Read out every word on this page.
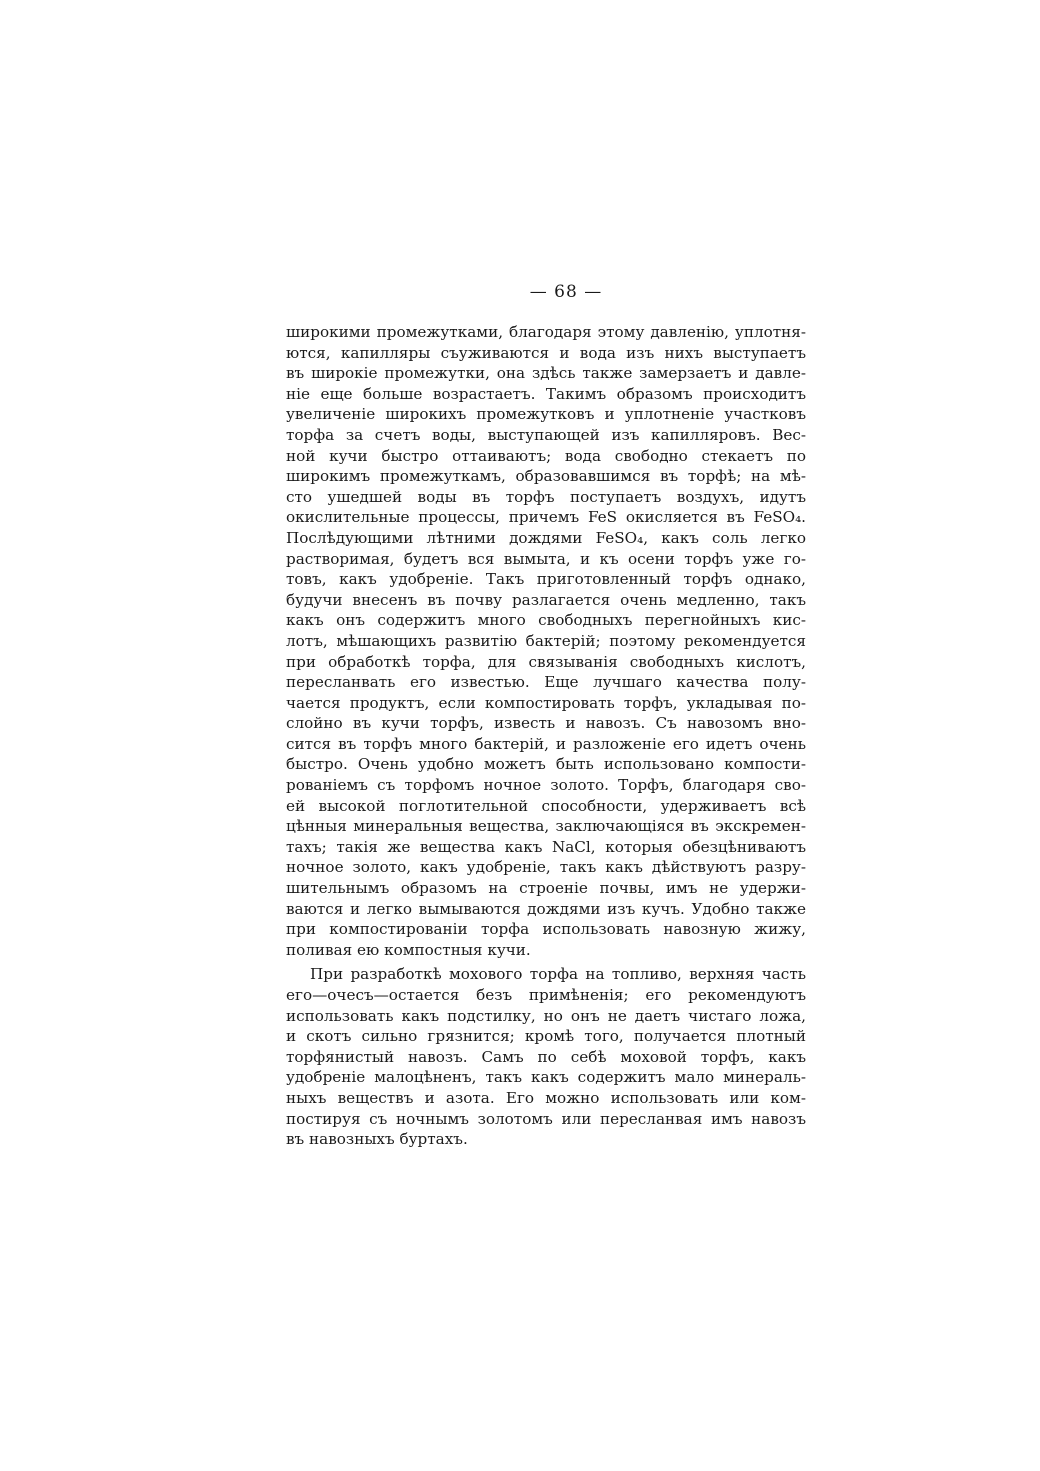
— 68 —
широкими промежутками, благодаря этому давленію, уплотня-
ются, капилляры съуживаются и вода изъ нихъ выступаетъ
въ широкіе промежутки, она здѣсь также замерзаетъ и давле-
ніе еще больше возрастаетъ. Такимъ образомъ происходитъ
увеличеніе широкихъ промежутковъ и уплотненіе участковъ
торфа за счетъ воды, выступающей изъ капилляровъ. Вес-
ной кучи быстро оттаиваютъ; вода свободно стекаетъ по
широкимъ промежуткамъ, образовавшимся въ торфѣ; на мѣ-
сто ушедшей воды въ торфъ поступаетъ воздухъ, идутъ
окислительные процессы, причемъ FeS окисляется въ FeSO₄.
Послѣдующими лѣтними дождями FeSO₄, какъ соль легко
растворимая, будетъ вся вымыта, и къ осени торфъ уже го-
товъ, какъ удобреніе. Такъ приготовленный торфъ однако,
будучи внесенъ въ почву разлагается очень медленно, такъ
какъ онъ содержитъ много свободныхъ перегнойныхъ кис-
лотъ, мѣшающихъ развитію бактерій; поэтому рекомендуется
при обработкѣ торфа, для связыванія свободныхъ кислотъ,
пересланвать его известью. Еще лучшаго качества полу-
чается продуктъ, если компостировать торфъ, укладывая по-
слойно въ кучи торфъ, известь и навозъ. Съ навозомъ вно-
сится въ торфъ много бактерій, и разложеніе его идетъ очень
быстро. Очень удобно можетъ быть использовано компости-
рованіемъ съ торфомъ ночное золото. Торфъ, благодаря сво-
ей высокой поглотительной способности, удерживаетъ всѣ
цѣнныя минеральныя вещества, заключающіяся въ экскремен-
тахъ; такія же вещества какъ NaCl, которыя обезцѣниваютъ
ночное золото, какъ удобреніе, такъ какъ дѣйствуютъ разру-
шительнымъ образомъ на строеніе почвы, имъ не удержи-
ваются и легко вымываются дождями изъ кучъ. Удобно также
при компостированіи торфа использовать навозную жижу,
поливая ею компостныя кучи.
При разработкѣ мохового торфа на топливо, верхняя часть
его—очесъ—остается безъ примѣненія; его рекомендуютъ
использовать какъ подстилку, но онъ не даетъ чистаго ложа,
и скотъ сильно грязнится; кромѣ того, получается плотный
торфянистый навозъ. Самъ по себѣ моховой торфъ, какъ
удобреніе малоцѣненъ, такъ какъ содержитъ мало минераль-
ныхъ веществъ и азота. Его можно использовать или ком-
постируя съ ночнымъ золотомъ или пересланвая имъ навозъ
въ навозныхъ буртахъ.
